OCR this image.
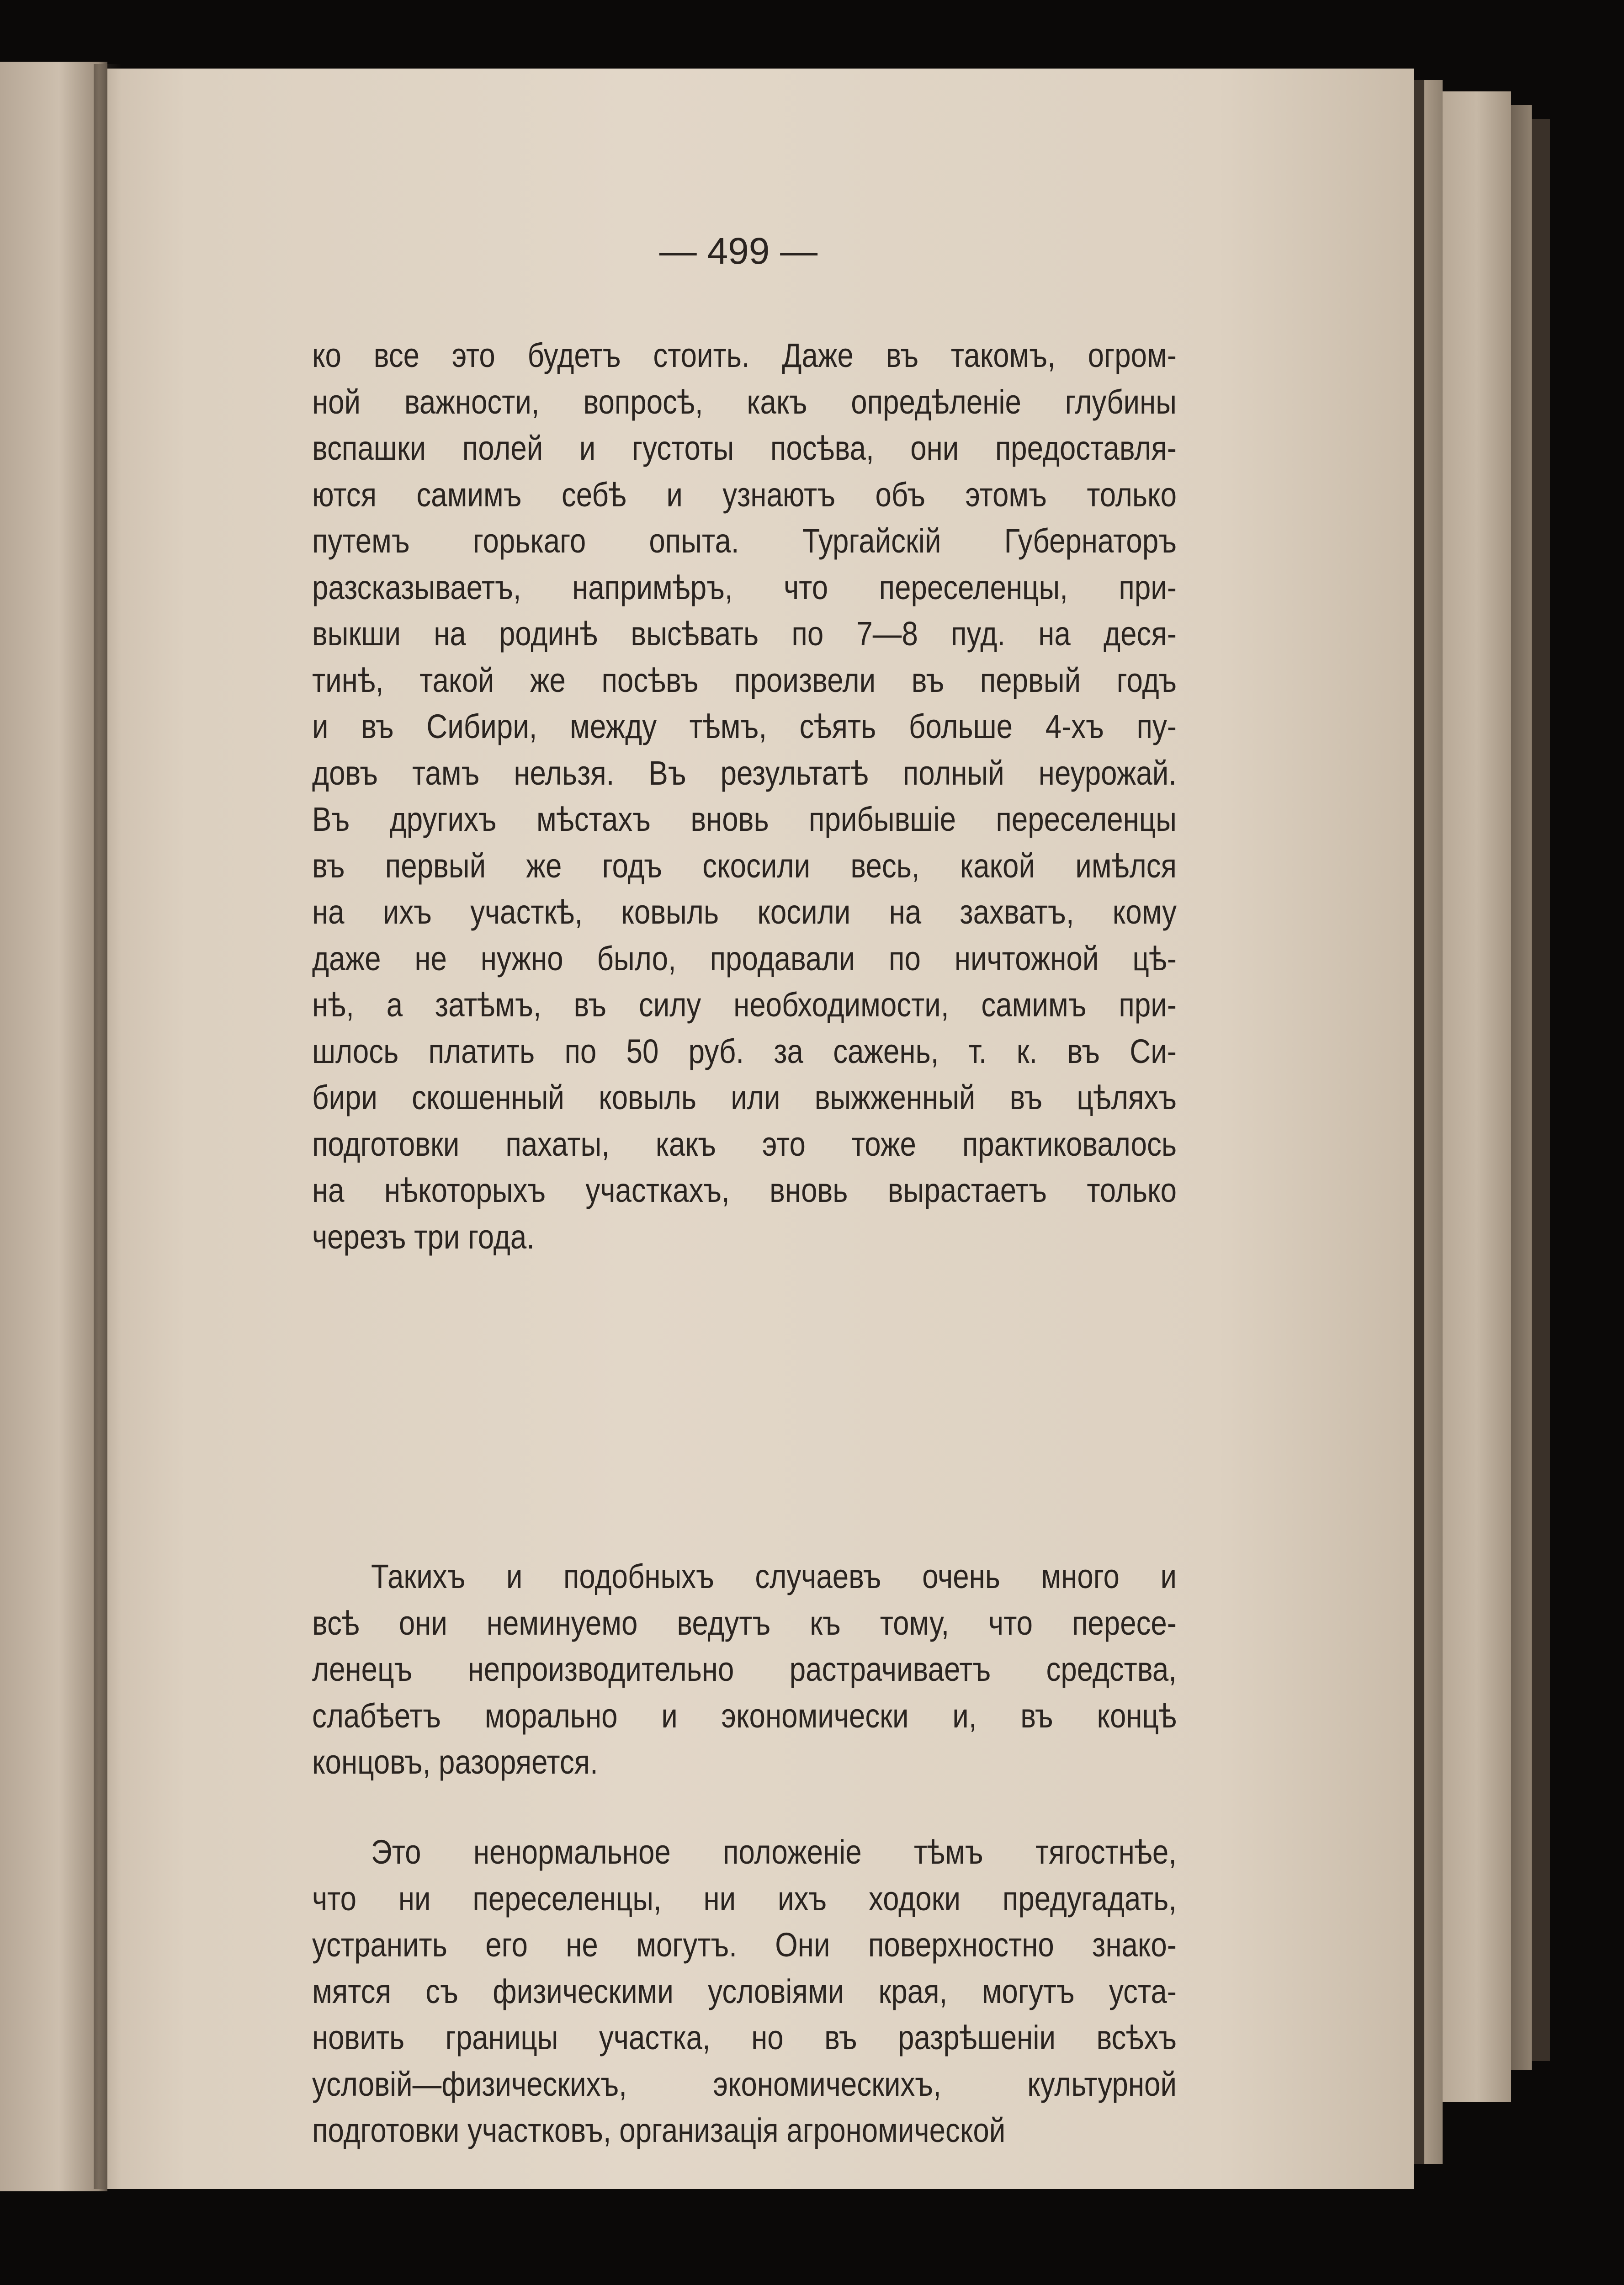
— 499 —
ко все это будетъ стоить. Даже въ такомъ, огром-
ной важности, вопросѣ, какъ опредѣленіе глубины
вспашки полей и густоты посѣва, они предоставля-
ются самимъ себѣ и узнаютъ объ этомъ только
путемъ горькаго опыта. Тургайскій Губернаторъ
разсказываетъ, напримѣръ, что переселенцы, при-
выкши на родинѣ высѣвать по 7—8 пуд. на деся-
тинѣ, такой же посѣвъ произвели въ первый годъ
и въ Сибири, между тѣмъ, сѣять больше 4-хъ пу-
довъ тамъ нельзя. Въ результатѣ полный неурожай.
Въ другихъ мѣстахъ вновь прибывшіе переселенцы
въ первый же годъ скосили весь, какой имѣлся
на ихъ участкѣ, ковыль косили на захватъ, кому
даже не нужно было, продавали по ничтожной цѣ-
нѣ, а затѣмъ, въ силу необходимости, самимъ при-
шлось платить по 50 руб. за сажень, т. к. въ Си-
бири скошенный ковыль или выжженный въ цѣляхъ
подготовки пахаты, какъ это тоже практиковалось
на нѣкоторыхъ участкахъ, вновь вырастаетъ только
черезъ три года.
Такихъ и подобныхъ случаевъ очень много и
всѣ они неминуемо ведутъ къ тому, что пересе-
ленецъ непроизводительно растрачиваетъ средства,
слабѣетъ морально и экономически и, въ концѣ
концовъ, разоряется.
Это ненормальное положеніе тѣмъ тягостнѣе,
что ни переселенцы, ни ихъ ходоки предугадать,
устранить его не могутъ. Они поверхностно знако-
мятся съ физическими условіями края, могутъ уста-
новить границы участка, но въ разрѣшеніи всѣхъ
условій—физическихъ, экономическихъ, культурной
подготовки участковъ, организація агрономической
